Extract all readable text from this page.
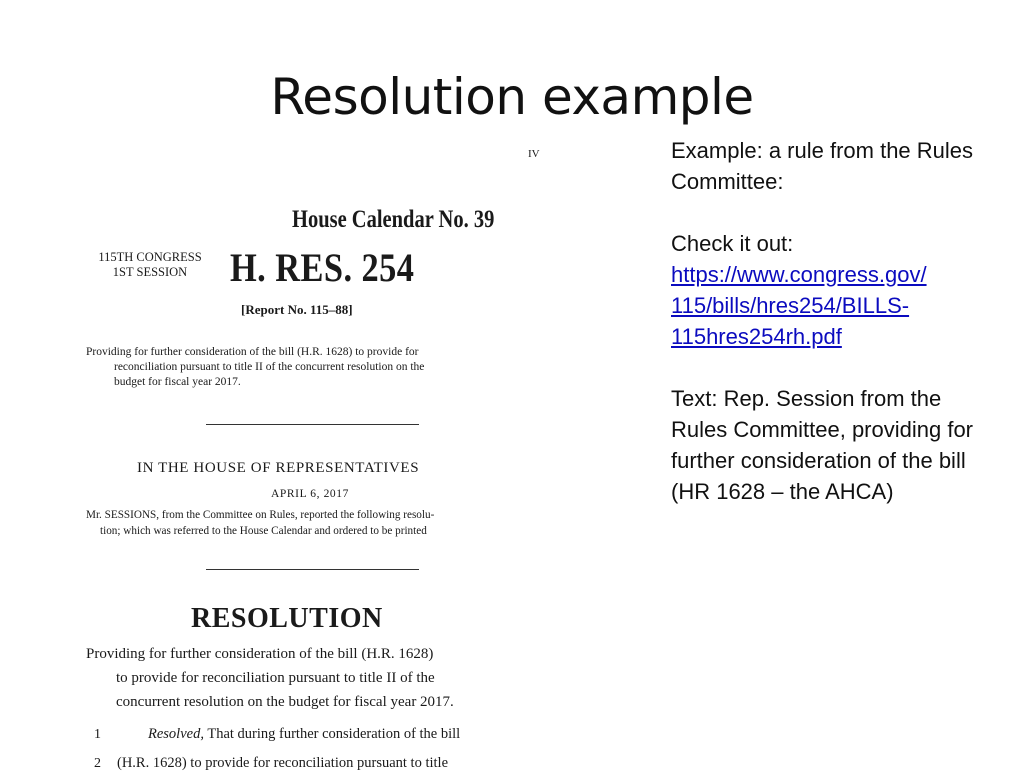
Resolution example
IV
House Calendar No. 39
115TH CONGRESS
1ST SESSION	H. RES. 254
[Report No. 115–88]
Providing for further consideration of the bill (H.R. 1628) to provide for
reconciliation pursuant to title II of the concurrent resolution on the
budget for fiscal year 2017.
IN THE HOUSE OF REPRESENTATIVES
APRIL 6, 2017
Mr. SESSIONS, from the Committee on Rules, reported the following resolu-
tion; which was referred to the House Calendar and ordered to be printed
RESOLUTION
Providing for further consideration of the bill (H.R. 1628)
to provide for reconciliation pursuant to title II of the
concurrent resolution on the budget for fiscal year 2017.
1	Resolved, That during further consideration of the bill
2 (H.R. 1628) to provide for reconciliation pursuant to title

Example: a rule from the Rules Committee:

Check it out:

https://www.congress.gov/
115/bills/hres254/BILLS-
115hres254rh.pdf

Text: Rep. Session from the Rules Committee, providing for further consideration of the bill (HR 1628 – the AHCA)
